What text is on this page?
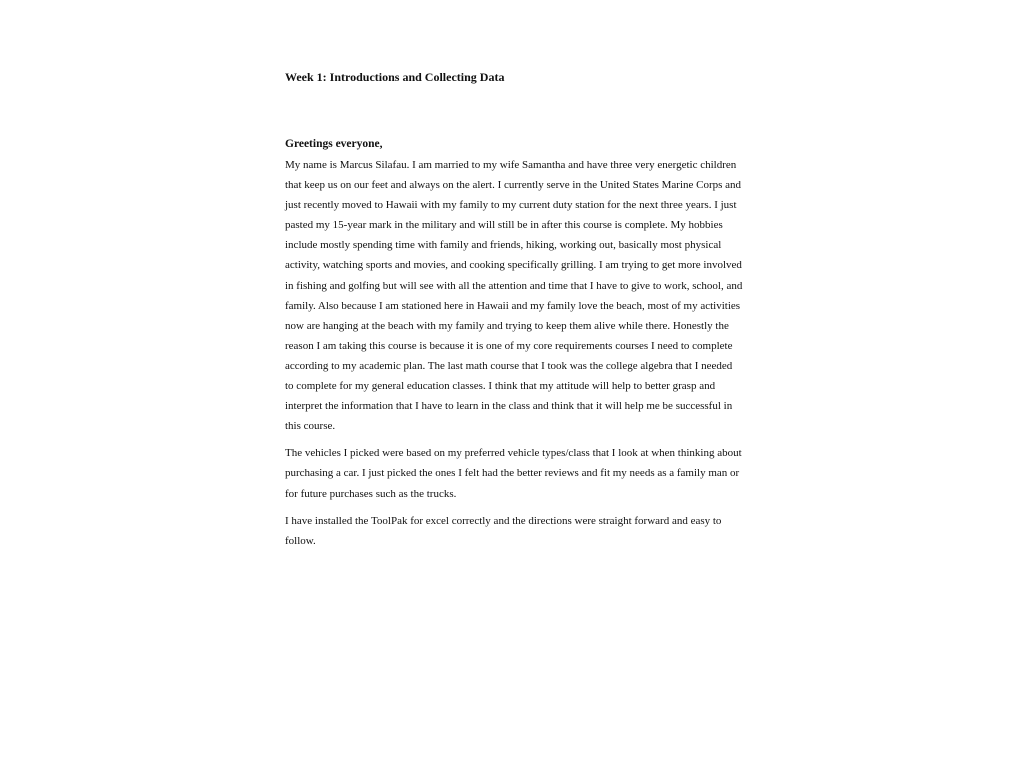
Week 1: Introductions and Collecting Data

Greetings everyone,

My name is Marcus Silafau. I am married to my wife Samantha and have three very energetic children that keep us on our feet and always on the alert. I currently serve in the United States Marine Corps and just recently moved to Hawaii with my family to my current duty station for the next three years. I just pasted my 15-year mark in the military and will still be in after this course is complete. My hobbies include mostly spending time with family and friends, hiking, working out, basically most physical activity, watching sports and movies, and cooking specifically grilling. I am trying to get more involved in fishing and golfing but will see with all the attention and time that I have to give to work, school, and family. Also because I am stationed here in Hawaii and my family love the beach, most of my activities now are hanging at the beach with my family and trying to keep them alive while there. Honestly the reason I am taking this course is because it is one of my core requirements courses I need to complete according to my academic plan. The last math course that I took was the college algebra that I needed to complete for my general education classes. I think that my attitude will help to better grasp and interpret the information that I have to learn in the class and think that it will help me be successful in this course.

The vehicles I picked were based on my preferred vehicle types/class that I look at when thinking about purchasing a car. I just picked the ones I felt had the better reviews and fit my needs as a family man or for future purchases such as the trucks.

I have installed the ToolPak for excel correctly and the directions were straight forward and easy to follow.
